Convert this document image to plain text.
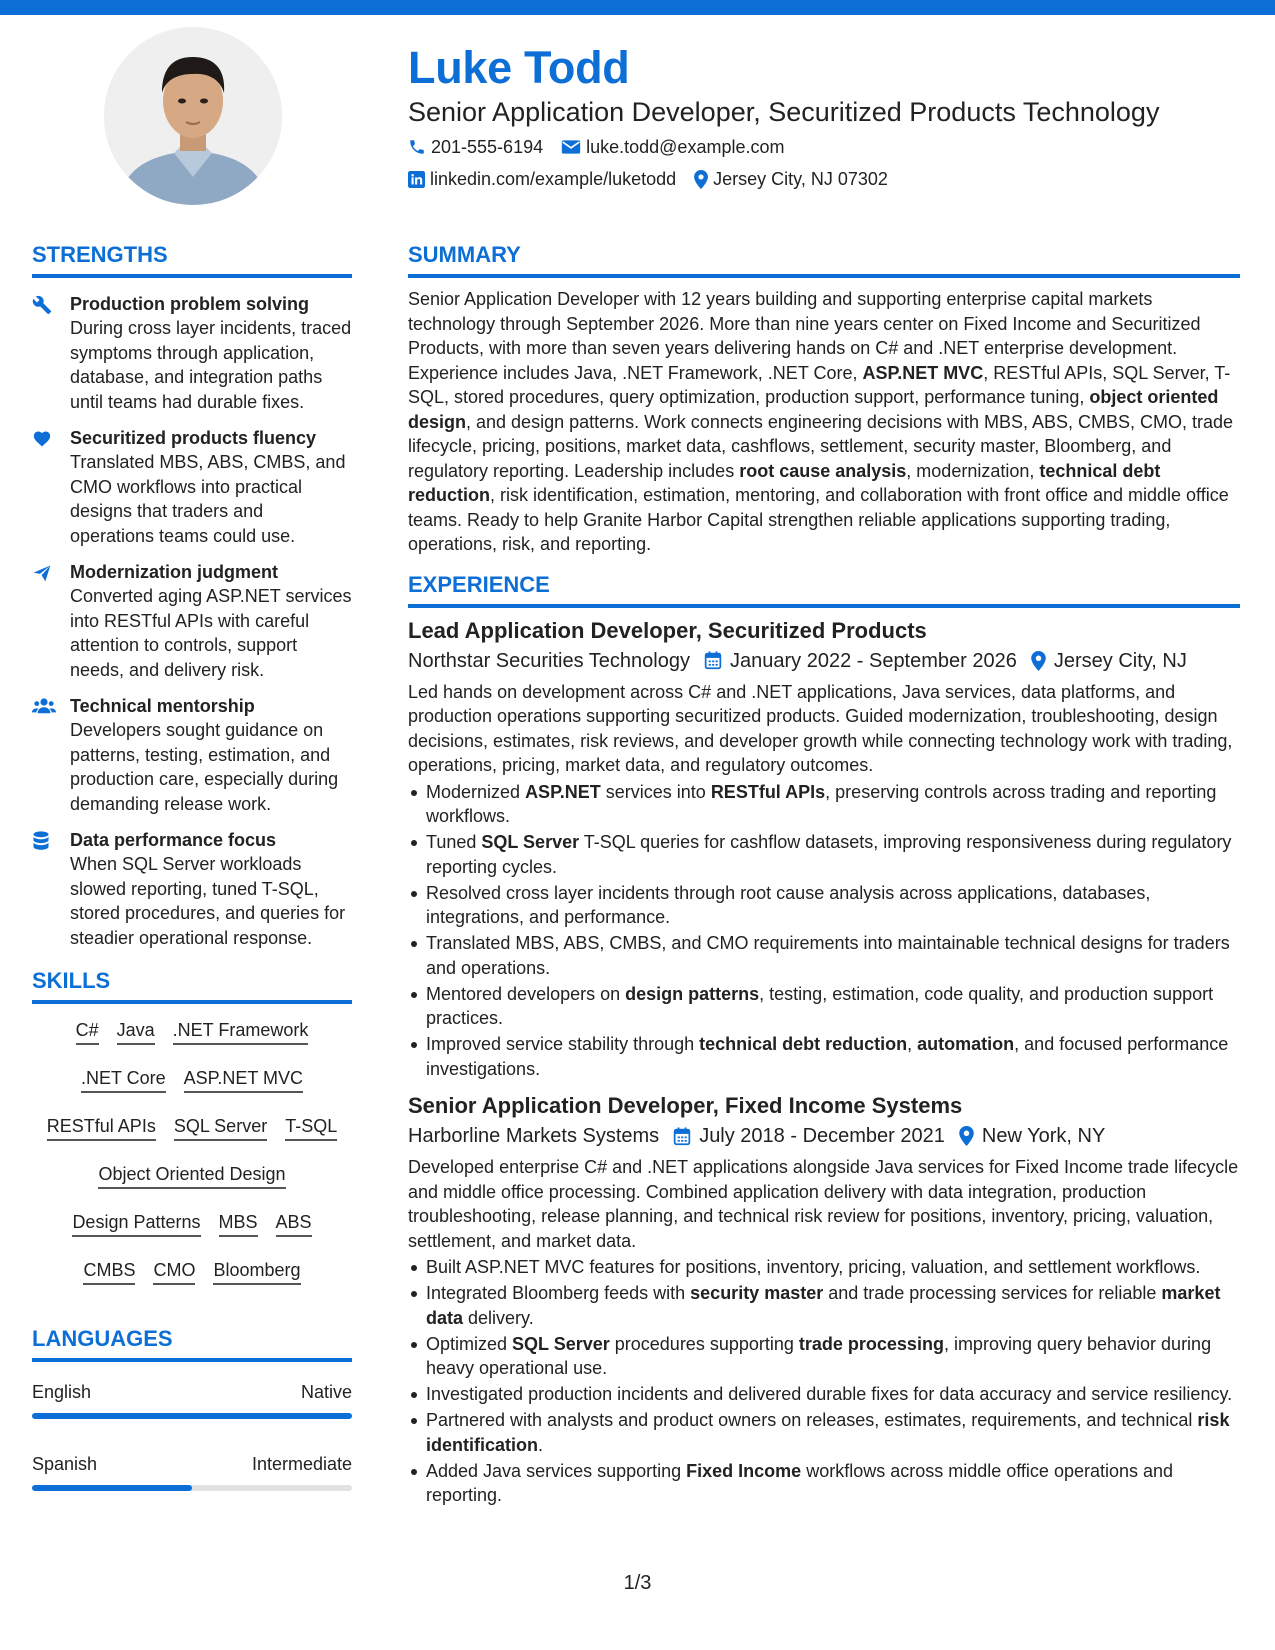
Luke Todd
Senior Application Developer, Securitized Products Technology
201-555-6194 luke.todd@example.com
linkedin.com/example/luketodd Jersey City, NJ 07302
STRENGTHS
Production problem solving
During cross layer incidents, traced symptoms through application, database, and integration paths until teams had durable fixes.
Securitized products fluency
Translated MBS, ABS, CMBS, and CMO workflows into practical designs that traders and operations teams could use.
Modernization judgment
Converted aging ASP.NET services into RESTful APIs with careful attention to controls, support needs, and delivery risk.
Technical mentorship
Developers sought guidance on patterns, testing, estimation, and production care, especially during demanding release work.
Data performance focus
When SQL Server workloads slowed reporting, tuned T-SQL, stored procedures, and queries for steadier operational response.
SKILLS
C# Java .NET Framework
.NET Core ASP.NET MVC
RESTful APIs SQL Server T-SQL
Object Oriented Design
Design Patterns MBS ABS
CMBS CMO Bloomberg
LANGUAGES
English	Native
Spanish	Intermediate
SUMMARY
Senior Application Developer with 12 years building and supporting enterprise capital markets technology through September 2026. More than nine years center on Fixed Income and Securitized Products, with more than seven years delivering hands on C# and .NET enterprise development. Experience includes Java, .NET Framework, .NET Core, ASP.NET MVC, RESTful APIs, SQL Server, T-SQL, stored procedures, query optimization, production support, performance tuning, object oriented design, and design patterns. Work connects engineering decisions with MBS, ABS, CMBS, CMO, trade lifecycle, pricing, positions, market data, cashflows, settlement, security master, Bloomberg, and regulatory reporting. Leadership includes root cause analysis, modernization, technical debt reduction, risk identification, estimation, mentoring, and collaboration with front office and middle office teams. Ready to help Granite Harbor Capital strengthen reliable applications supporting trading, operations, risk, and reporting.
EXPERIENCE
Lead Application Developer, Securitized Products
Northstar Securities Technology January 2022 - September 2026 Jersey City, NJ
Led hands on development across C# and .NET applications, Java services, data platforms, and production operations supporting securitized products. Guided modernization, troubleshooting, design decisions, estimates, risk reviews, and developer growth while connecting technology work with trading, operations, pricing, market data, and regulatory outcomes.
Modernized ASP.NET services into RESTful APIs, preserving controls across trading and reporting workflows.
Tuned SQL Server T-SQL queries for cashflow datasets, improving responsiveness during regulatory reporting cycles.
Resolved cross layer incidents through root cause analysis across applications, databases, integrations, and performance.
Translated MBS, ABS, CMBS, and CMO requirements into maintainable technical designs for traders and operations.
Mentored developers on design patterns, testing, estimation, code quality, and production support practices.
Improved service stability through technical debt reduction, automation, and focused performance investigations.
Senior Application Developer, Fixed Income Systems
Harborline Markets Systems July 2018 - December 2021 New York, NY
Developed enterprise C# and .NET applications alongside Java services for Fixed Income trade lifecycle and middle office processing. Combined application delivery with data integration, production troubleshooting, release planning, and technical risk review for positions, inventory, pricing, valuation, settlement, and market data.
Built ASP.NET MVC features for positions, inventory, pricing, valuation, and settlement workflows.
Integrated Bloomberg feeds with security master and trade processing services for reliable market data delivery.
Optimized SQL Server procedures supporting trade processing, improving query behavior during heavy operational use.
Investigated production incidents and delivered durable fixes for data accuracy and service resiliency.
Partnered with analysts and product owners on releases, estimates, requirements, and technical risk identification.
Added Java services supporting Fixed Income workflows across middle office operations and reporting.
1/3
